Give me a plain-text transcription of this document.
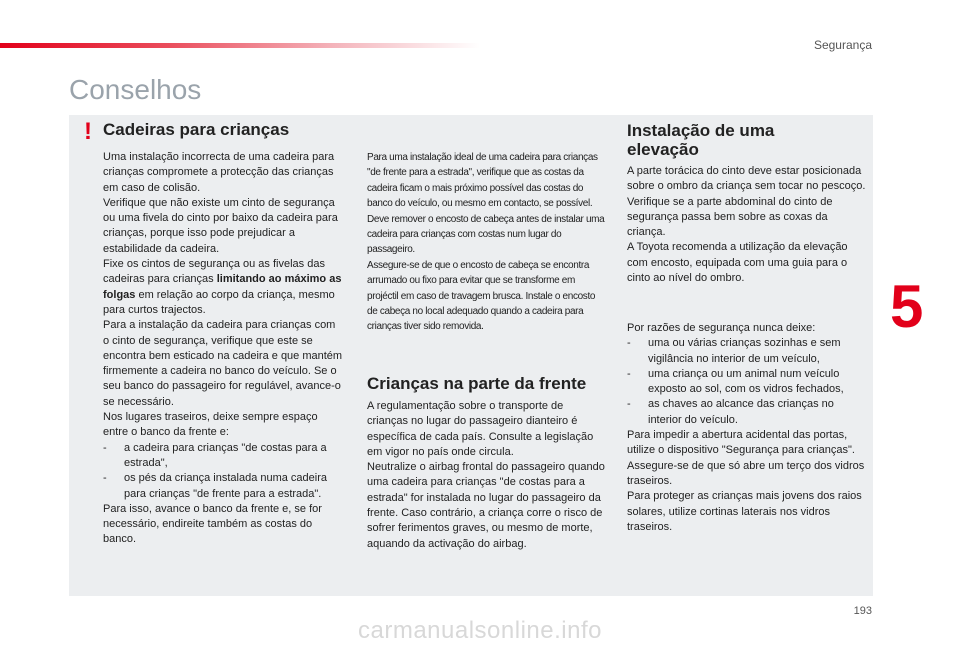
Segurança
Conselhos
! Cadeiras para crianças

Uma instalação incorrecta de uma cadeira para crianças compromete a protecção das crianças em caso de colisão.

Verifique que não existe um cinto de segurança ou uma fivela do cinto por baixo da cadeira para crianças, porque isso pode prejudicar a estabilidade da cadeira.

Fixe os cintos de segurança ou as fivelas das cadeiras para crianças limitando ao máximo as folgas em relação ao corpo da criança, mesmo para curtos trajectos.

Para a instalação da cadeira para crianças com o cinto de segurança, verifique que este se encontra bem esticado na cadeira e que mantém firmemente a cadeira no banco do veículo. Se o seu banco do passageiro for regulável, avance-o se necessário.

Nos lugares traseiros, deixe sempre espaço entre o banco da frente e:

-	a cadeira para crianças "de costas para a estrada",
-	os pés da criança instalada numa cadeira para crianças "de frente para a estrada".

Para isso, avance o banco da frente e, se for necessário, endireite também as costas do banco.

Para uma instalação ideal de uma cadeira para crianças "de frente para a estrada", verifique que as costas da cadeira ficam o mais próximo possível das costas do banco do veículo, ou mesmo em contacto, se possível.

Deve remover o encosto de cabeça antes de instalar uma cadeira para crianças com costas num lugar do passageiro.

Assegure-se de que o encosto de cabeça se encontra arrumado ou fixo para evitar que se transforme em projéctil em caso de travagem brusca. Instale o encosto de cabeça no local adequado quando a cadeira para crianças tiver sido removida.

Crianças na parte da frente

A regulamentação sobre o transporte de crianças no lugar do passageiro dianteiro é específica de cada país. Consulte a legislação em vigor no país onde circula.

Neutralize o airbag frontal do passageiro quando uma cadeira para crianças "de costas para a estrada" for instalada no lugar do passageiro da frente. Caso contrário, a criança corre o risco de sofrer ferimentos graves, ou mesmo de morte, aquando da activação do airbag.

Instalação de uma elevação

A parte torácica do cinto deve estar posicionada sobre o ombro da criança sem tocar no pescoço.

Verifique se a parte abdominal do cinto de segurança passa bem sobre as coxas da criança.

A Toyota recomenda a utilização da elevação com encosto, equipada com uma guia para o cinto ao nível do ombro.

Por razões de segurança nunca deixe:

-	uma ou várias crianças sozinhas e sem vigilância no interior de um veículo,
-	uma criança ou um animal num veículo exposto ao sol, com os vidros fechados,
-	as chaves ao alcance das crianças no interior do veículo.

Para impedir a abertura acidental das portas, utilize o dispositivo "Segurança para crianças".

Assegure-se de que só abre um terço dos vidros traseiros.

Para proteger as crianças mais jovens dos raios solares, utilize cortinas laterais nos vidros traseiros.

5
193
carmanualsonline.info
